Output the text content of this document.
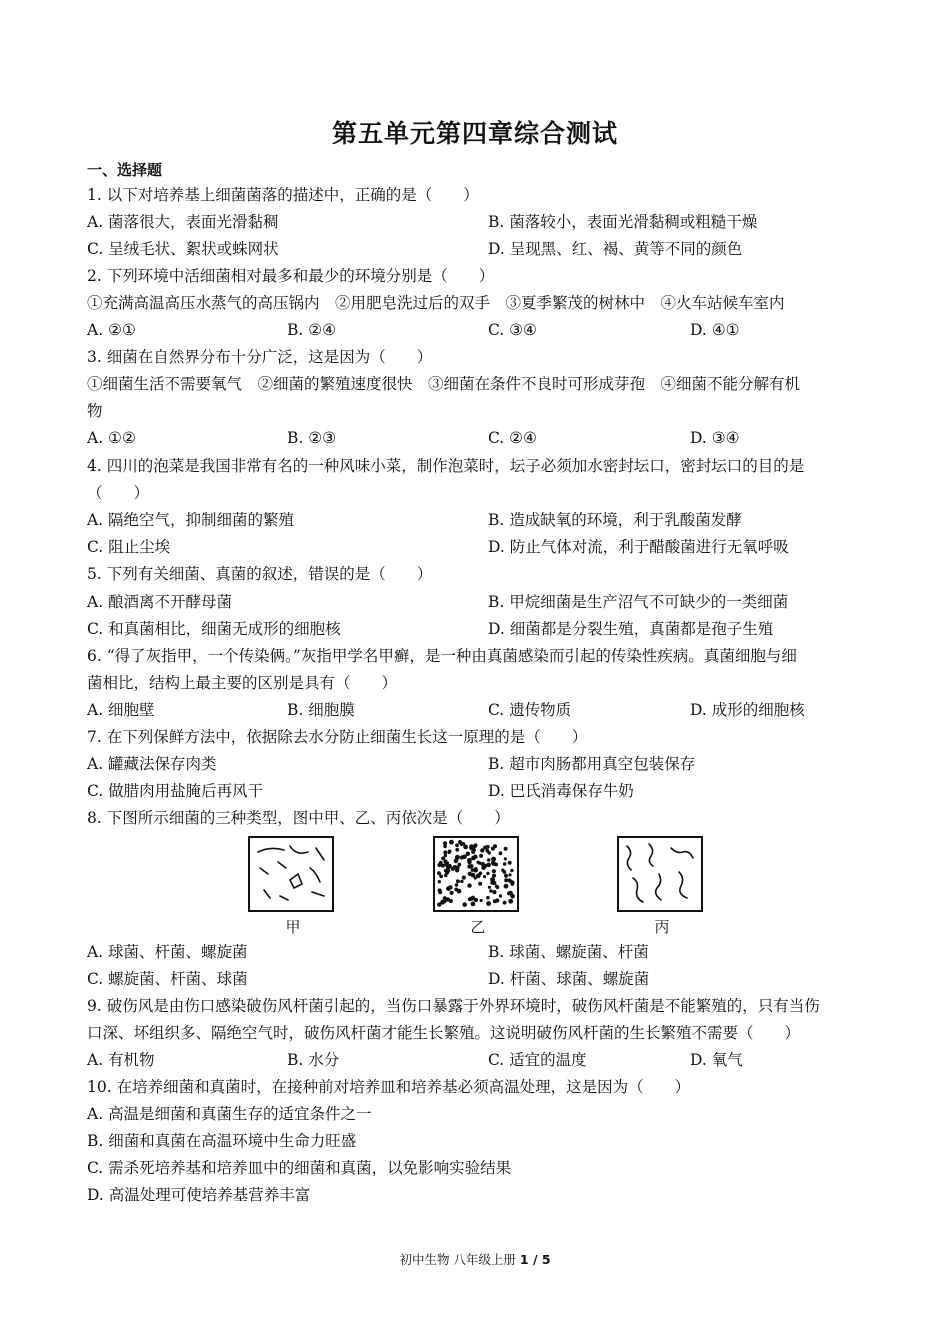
第五单元第四章综合测试
一、选择题
1. 以下对培养基上细菌菌落的描述中，正确的是（　　）
A. 菌落很大，表面光滑黏稠	B. 菌落较小，表面光滑黏稠或粗糙干燥
C. 呈绒毛状、絮状或蛛网状	D. 呈现黑、红、褐、黄等不同的颜色
2. 下列环境中活细菌相对最多和最少的环境分别是（　　）
①充满高温高压水蒸气的高压锅内　②用肥皂洗过后的双手　③夏季繁茂的树林中　④火车站候车室内
A. ②①	B. ②④	C. ③④	D. ④①
3. 细菌在自然界分布十分广泛，这是因为（　　）
①细菌生活不需要氧气　②细菌的繁殖速度很快　③细菌在条件不良时可形成芽孢　④细菌不能分解有机
物
A. ①②	B. ②③	C. ②④	D. ③④
4. 四川的泡菜是我国非常有名的一种风味小菜，制作泡菜时，坛子必须加水密封坛口，密封坛口的目的是
（　　）
A. 隔绝空气，抑制细菌的繁殖	B. 造成缺氧的环境，利于乳酸菌发酵
C. 阻止尘埃	D. 防止气体对流，利于醋酸菌进行无氧呼吸
5. 下列有关细菌、真菌的叙述，错误的是（　　）
A. 酿酒离不开酵母菌	B. 甲烷细菌是生产沼气不可缺少的一类细菌
C. 和真菌相比，细菌无成形的细胞核	D. 细菌都是分裂生殖，真菌都是孢子生殖
6. “得了灰指甲，一个传染俩。”灰指甲学名甲癣，是一种由真菌感染而引起的传染性疾病。真菌细胞与细
菌相比，结构上最主要的区别是具有（　　）
A. 细胞壁	B. 细胞膜	C. 遗传物质	D. 成形的细胞核
7. 在下列保鲜方法中，依据除去水分防止细菌生长这一原理的是（　　）
A. 罐藏法保存肉类	B. 超市肉肠都用真空包装保存
C. 做腊肉用盐腌后再风干	D. 巴氏消毒保存牛奶
8. 下图所示细菌的三种类型，图中甲、乙、丙依次是（　　）
甲	乙	丙
A. 球菌、杆菌、螺旋菌	B. 球菌、螺旋菌、杆菌
C. 螺旋菌、杆菌、球菌	D. 杆菌、球菌、螺旋菌
9. 破伤风是由伤口感染破伤风杆菌引起的，当伤口暴露于外界环境时，破伤风杆菌是不能繁殖的，只有当伤
口深、坏组织多、隔绝空气时，破伤风杆菌才能生长繁殖。这说明破伤风杆菌的生长繁殖不需要（　　）
A. 有机物	B. 水分	C. 适宜的温度	D. 氧气
10. 在培养细菌和真菌时，在接种前对培养皿和培养基必须高温处理，这是因为（　　）
A. 高温是细菌和真菌生存的适宜条件之一
B. 细菌和真菌在高温环境中生命力旺盛
C. 需杀死培养基和培养皿中的细菌和真菌，以免影响实验结果
D. 高温处理可使培养基营养丰富
初中生物 八年级上册 1 / 5
